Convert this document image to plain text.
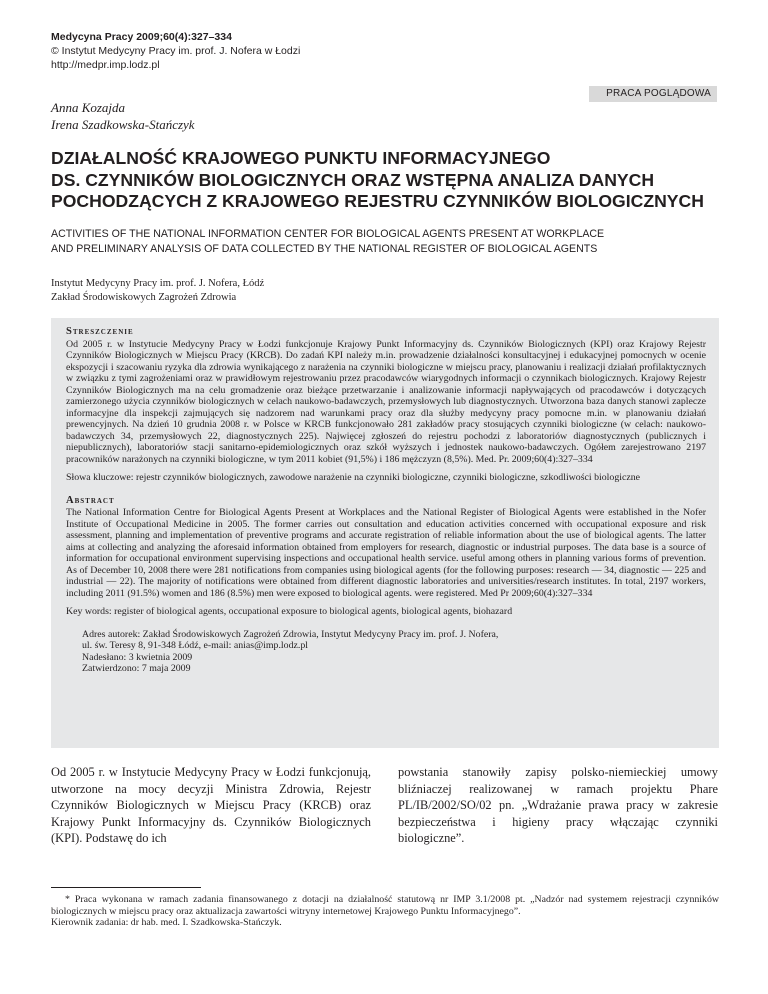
Medycyna Pracy 2009;60(4):327–334
© Instytut Medycyny Pracy im. prof. J. Nofera w Łodzi
http://medpr.imp.lodz.pl
PRACA POGLĄDOWA
Anna Kozajda
Irena Szadkowska-Stańczyk
DZIAŁALNOŚĆ KRAJOWEGO PUNKTU INFORMACYJNEGO
DS. CZYNNIKÓW BIOLOGICZNYCH ORAZ WSTĘPNA ANALIZA DANYCH
POCHODZĄCYCH Z KRAJOWEGO REJESTRU CZYNNIKÓW BIOLOGICZNYCH
ACTIVITIES OF THE NATIONAL INFORMATION CENTER FOR BIOLOGICAL AGENTS PRESENT AT WORKPLACE
AND PRELIMINARY ANALYSIS OF DATA COLLECTED BY THE NATIONAL REGISTER OF BIOLOGICAL AGENTS
Instytut Medycyny Pracy im. prof. J. Nofera, Łódź
Zakład Środowiskowych Zagrożeń Zdrowia
Streszczenie

Od 2005 r. w Instytucie Medycyny Pracy w Łodzi funkcjonuje Krajowy Punkt Informacyjny ds. Czynników Biologicznych (KPI) oraz Krajowy Rejestr Czynników Biologicznych w Miejscu Pracy (KRCB). Do zadań KPI należy m.in. prowadzenie działalności konsultacyjnej i edukacyjnej pomocnych w ocenie ekspozycji i szacowaniu ryzyka dla zdrowia wynikającego z narażenia na czynniki biologiczne w miejscu pracy, planowaniu i realizacji działań profilaktycznych w związku z tymi zagrożeniami oraz w prawidłowym rejestrowaniu przez pracodawców wiarygodnych informacji o czynnikach biologicznych. Krajowy Rejestr Czynników Biologicznych ma na celu gromadzenie oraz bieżące przetwarzanie i analizowanie informacji napływających od pracodawców i dotyczących zamierzonego użycia czynników biologicznych w celach naukowo-badawczych, przemysłowych lub diagnostycznych. Utworzona baza danych stanowi zaplecze informacyjne dla inspekcji zajmujących się nadzorem nad warunkami pracy oraz dla służby medycyny pracy pomocne m.in. w planowaniu działań prewencyjnych. Na dzień 10 grudnia 2008 r. w Polsce w KRCB funkcjonowało 281 zakładów pracy stosujących czynniki biologiczne (w celach: naukowo-badawczych 34, przemysłowych 22, diagnostycznych 225). Najwięcej zgłoszeń do rejestru pochodzi z laboratoriów diagnostycznych (publicznych i niepublicznych), laboratoriów stacji sanitarno-epidemiologicznych oraz szkół wyższych i jednostek naukowo-badawczych. Ogółem zarejestrowano 2197 pracowników narażonych na czynniki biologiczne, w tym 2011 kobiet (91,5%) i 186 mężczyzn (8,5%). Med. Pr. 2009;60(4):327–334

Słowa kluczowe: rejestr czynników biologicznych, zawodowe narażenie na czynniki biologiczne, czynniki biologiczne, szkodliwości biologiczne

Abstract

The National Information Centre for Biological Agents Present at Workplaces and the National Register of Biological Agents were established in the Nofer Institute of Occupational Medicine in 2005. The former carries out consultation and education activities concerned with occupational exposure and risk assessment, planning and implementation of preventive programs and accurate registration of reliable information about the use of biological agents. The latter aims at collecting and analyzing the aforesaid information obtained from employers for research, diagnostic or industrial purposes. The data base is a source of information for occupational environment supervising inspections and occupational health service. useful among others in planning various forms of prevention. As of December 10, 2008 there were 281 notifications from companies using biological agents (for the following purposes: research — 34, diagnostic — 225 and industrial — 22). The majority of notifications were obtained from different diagnostic laboratories and universities/research institutes. In total, 2197 workers, including 2011 (91.5%) women and 186 (8.5%) men were exposed to biological agents. were registered. Med Pr 2009;60(4):327–334

Key words: register of biological agents, occupational exposure to biological agents, biological agents, biohazard

Adres autorek: Zakład Środowiskowych Zagrożeń Zdrowia, Instytut Medycyny Pracy im. prof. J. Nofera,
ul. św. Teresy 8, 91-348 Łódź, e-mail: anias@imp.lodz.pl
Nadesłano: 3 kwietnia 2009
Zatwierdzono: 7 maja 2009
Od 2005 r. w Instytucie Medycyny Pracy w Łodzi funkcjonują, utworzone na mocy decyzji Ministra Zdrowia, Rejestr Czynników Biologicznych w Miejscu Pracy (KRCB) oraz Krajowy Punkt Informacyjny ds. Czynników Biologicznych (KPI). Podstawę do ich
powstania stanowiły zapisy polsko-niemieckiej umowy bliźniaczej realizowanej w ramach projektu Phare PL/IB/2002/SO/02 pn. „Wdrażanie prawa pracy w zakresie bezpieczeństwa i higieny pracy włączając czynniki biologiczne”.
* Praca wykonana w ramach zadania finansowanego z dotacji na działalność statutową nr IMP 3.1/2008 pt. „Nadzór nad systemem rejestracji czynników biologicznych w miejscu pracy oraz aktualizacja zawartości witryny internetowej Krajowego Punktu Informacyjnego”.
Kierownik zadania: dr hab. med. I. Szadkowska-Stańczyk.
